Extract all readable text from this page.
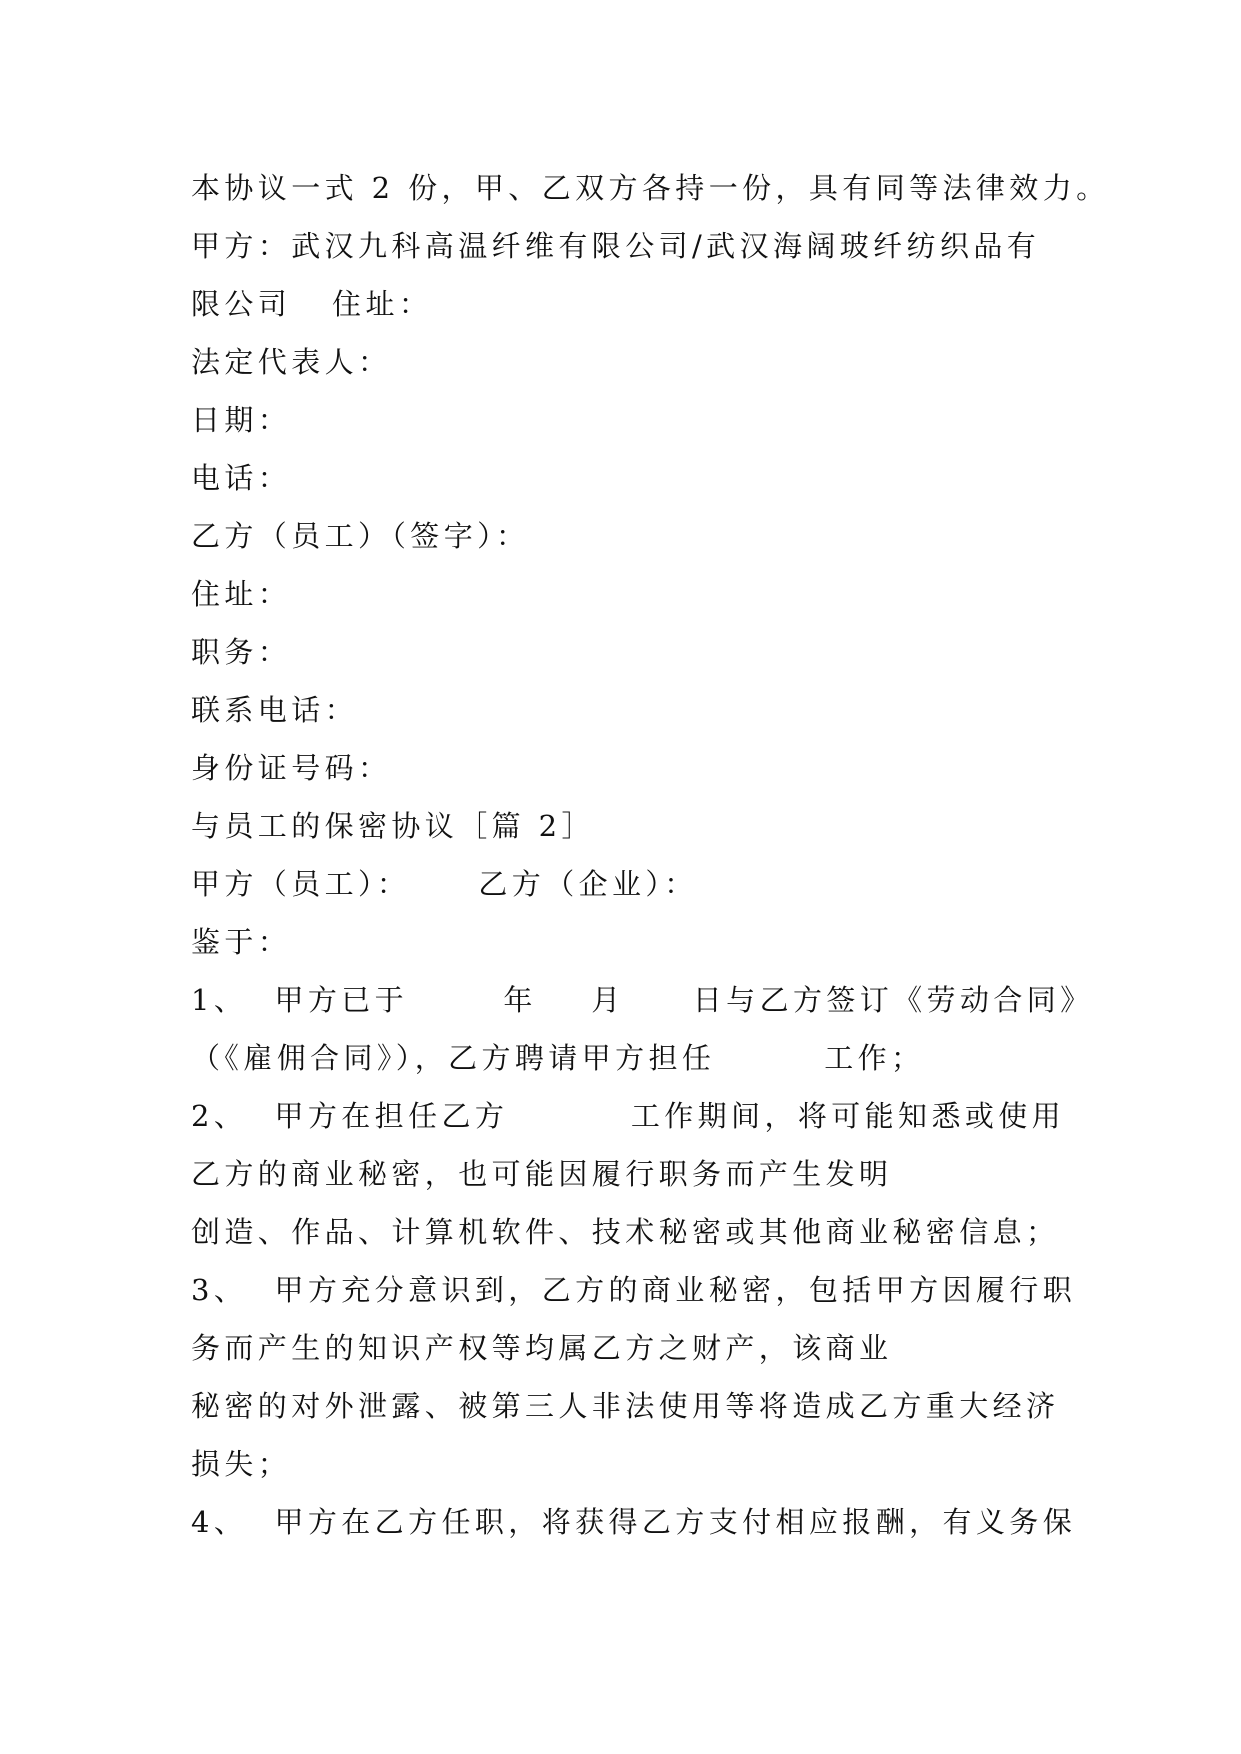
本协议一式 2 份，甲、乙双方各持一份，具有同等法律效力。
甲方：武汉九科高温纤维有限公司/武汉海阔玻纤纺织品有
限公司   住址：
法定代表人：
日期：
电话：
乙方（员工）（签字）：
住址：
职务：
联系电话：
身份证号码：
与员工的保密协议［篇 2］
甲方（员工）：     乙方（企业）：
鉴于：
1、  甲方已于       年    月     日与乙方签订《劳动合同》
（《雇佣合同》），乙方聘请甲方担任        工作；
2、  甲方在担任乙方         工作期间，将可能知悉或使用
乙方的商业秘密，也可能因履行职务而产生发明
创造、作品、计算机软件、技术秘密或其他商业秘密信息；
3、  甲方充分意识到，乙方的商业秘密，包括甲方因履行职
务而产生的知识产权等均属乙方之财产，该商业
秘密的对外泄露、被第三人非法使用等将造成乙方重大经济
损失；
4、  甲方在乙方任职，将获得乙方支付相应报酬，有义务保
